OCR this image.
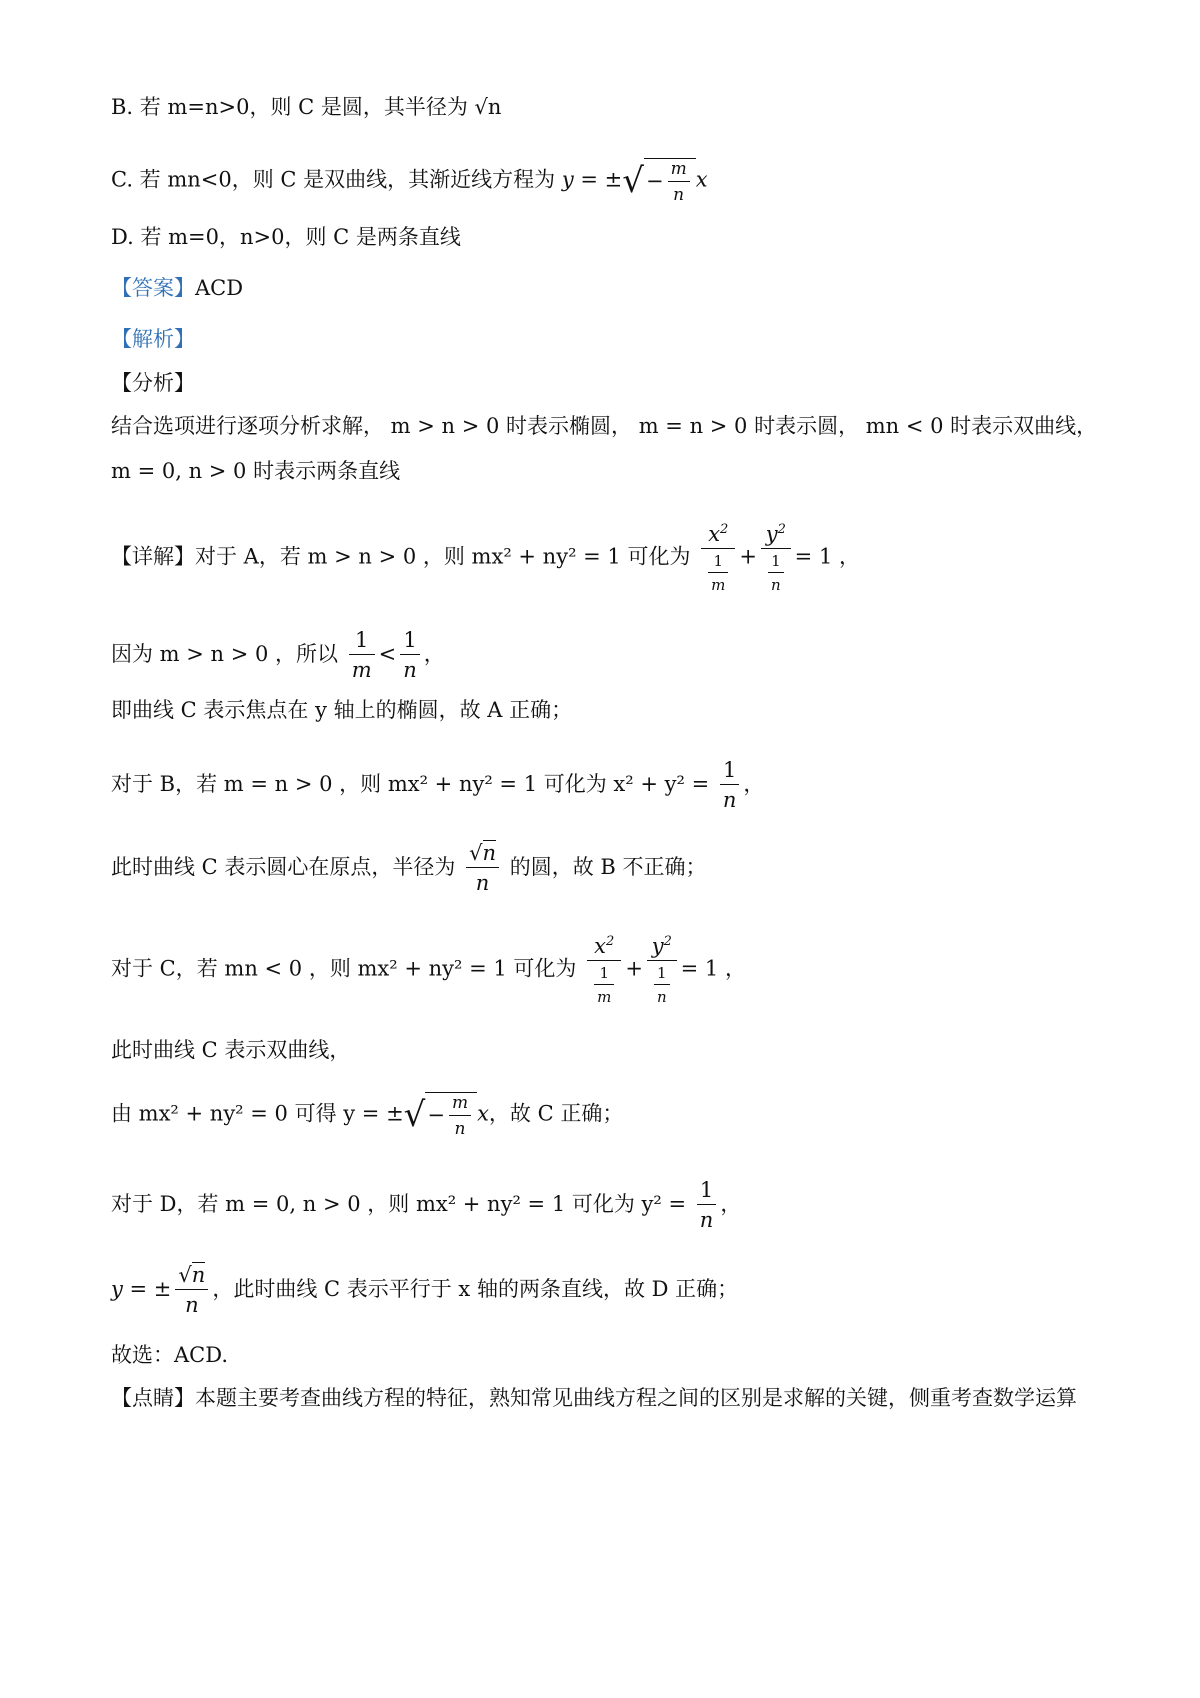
B. 若 m=n>0，则 C 是圆，其半径为 √n
C. 若 mn<0，则 C 是双曲线，其渐近线方程为 y = ±√− $\frac{m}{n}$ x
D. 若 m=0，n>0，则 C 是两条直线
【答案】ACD
【解析】
【分析】
结合选项进行逐项分析求解， m > n > 0 时表示椭圆， m = n > 0 时表示圆， mn < 0 时表示双曲线，
m = 0, n > 0 时表示两条直线
【详解】对于 A，若 m > n > 0 ，则 mx² + ny² = 1 可化为 $\frac{x^2}{\frac{1}{m}} + \frac{y^2}{\frac{1}{n}} = 1$ ，
因为 m > n > 0 ，所以 $\frac{1}{m} < \frac{1}{n}$ ，
即曲线 C 表示焦点在 y 轴上的椭圆，故 A 正确；
对于 B，若 m = n > 0 ，则 mx² + ny² = 1 可化为 $x^2 + y^2 = \frac{1}{n}$ ，
此时曲线 C 表示圆心在原点，半径为 $\frac{√n}{n}$ 的圆，故 B 不正确；
对于 C，若 mn < 0 ，则 mx² + ny² = 1 可化为 $\frac{x^2}{\frac{1}{m}} + \frac{y^2}{\frac{1}{n}} = 1$ ，
此时曲线 C 表示双曲线，
由 mx² + ny² = 0 可得 y = ±√− $\frac{m}{n}$ x，故 C 正确；
对于 D，若 m = 0, n > 0 ，则 mx² + ny² = 1 可化为 $y^2 = \frac{1}{n}$ ，
y = ± $\frac{√n}{n}$ ，此时曲线 C 表示平行于 x 轴的两条直线，故 D 正确；
故选：ACD.
【点睛】本题主要考查曲线方程的特征，熟知常见曲线方程之间的区别是求解的关键，侧重考查数学运算
